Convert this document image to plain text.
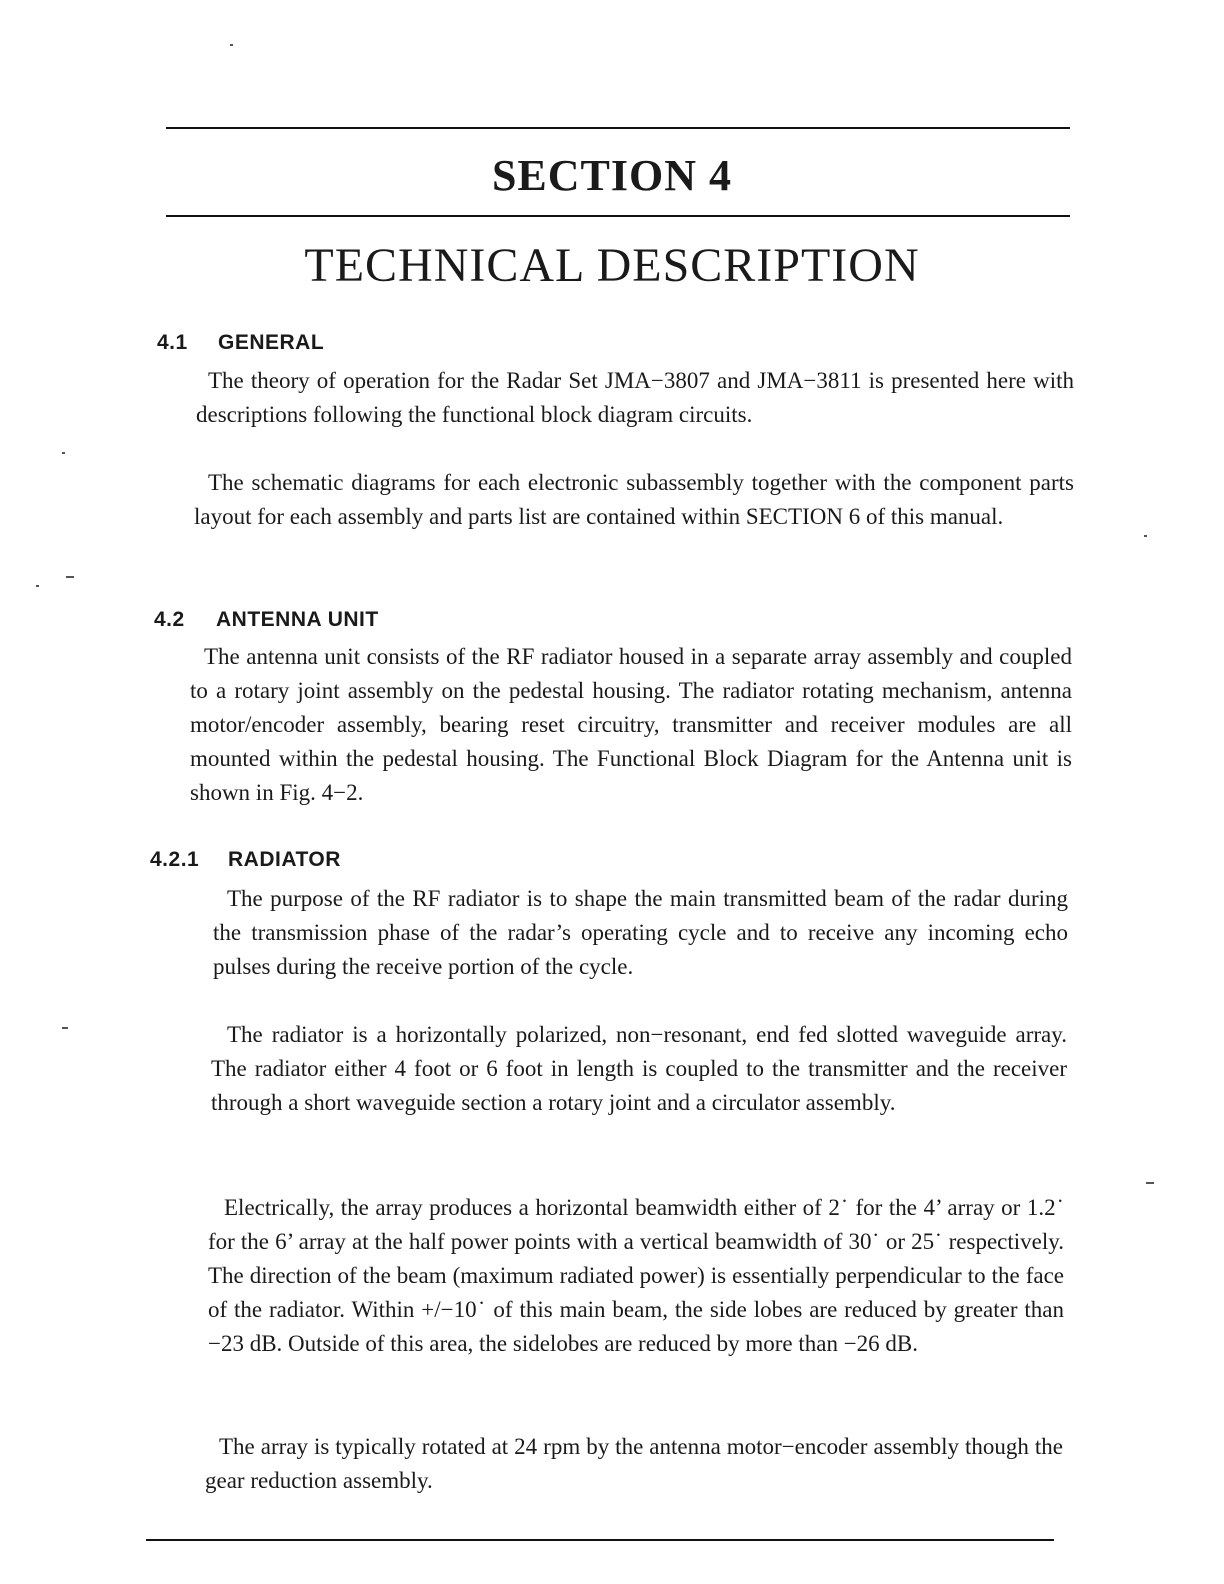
SECTION 4
TECHNICAL DESCRIPTION
4.1 GENERAL
The theory of operation for the Radar Set JMA−3807 and JMA−3811 is presented here with descriptions following the functional block diagram circuits.
The schematic diagrams for each electronic subassembly together with the component parts layout for each assembly and parts list are contained within SECTION 6 of this manual.
4.2 ANTENNA UNIT
The antenna unit consists of the RF radiator housed in a separate array assembly and coupled to a rotary joint assembly on the pedestal housing. The radiator rotating mechanism, antenna motor/encoder assembly, bearing reset circuitry, transmitter and receiver modules are all mounted within the pedestal housing. The Functional Block Diagram for the Antenna unit is shown in Fig. 4−2.
4.2.1 RADIATOR
The purpose of the RF radiator is to shape the main transmitted beam of the radar during the transmission phase of the radar’s operating cycle and to receive any incoming echo pulses during the receive portion of the cycle.
The radiator is a horizontally polarized, non−resonant, end fed slotted waveguide array. The radiator either 4 foot or 6 foot in length is coupled to the transmitter and the receiver through a short waveguide section a rotary joint and a circulator assembly.
Electrically, the array produces a horizontal beamwidth either of 2˙ for the 4’ array or 1.2˙ for the 6’ array at the half power points with a vertical beamwidth of 30˙ or 25˙ respectively. The direction of the beam (maximum radiated power) is essentially perpendicular to the face of the radiator. Within +/−10˙ of this main beam, the side lobes are reduced by greater than −23 dB. Outside of this area, the sidelobes are reduced by more than −26 dB.
The array is typically rotated at 24 rpm by the antenna motor−encoder assembly though the gear reduction assembly.
